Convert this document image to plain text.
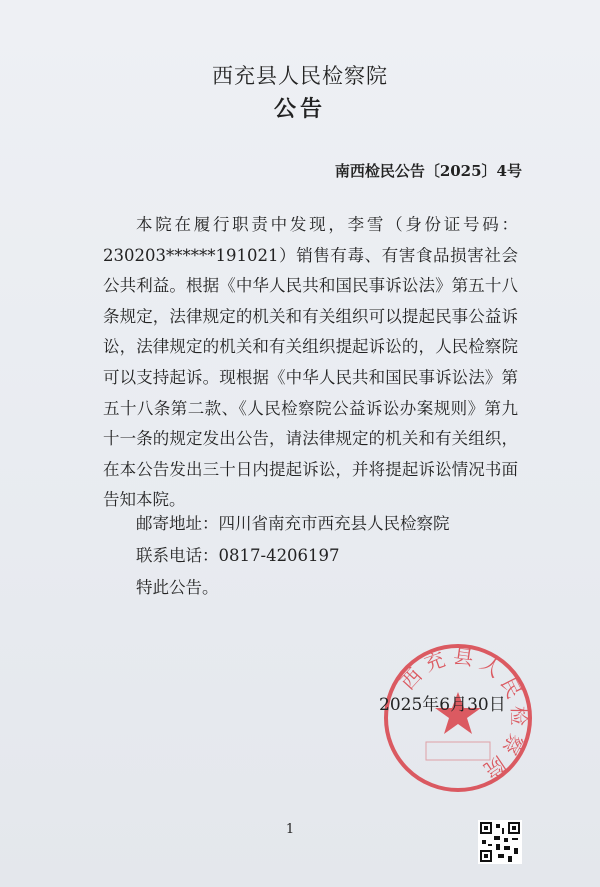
西充县人民检察院
公告
南西检民公告〔2025〕4号

本院在履行职责中发现，李雪（身份证号码：230203******191021）销售有毒、有害食品损害社会公共利益。根据《中华人民共和国民事诉讼法》第五十八条规定，法律规定的机关和有关组织可以提起民事公益诉讼，法律规定的机关和有关组织提起诉讼的，人民检察院可以支持起诉。现根据《中华人民共和国民事诉讼法》第五十八条第二款、《人民检察院公益诉讼办案规则》第九十一条的规定发出公告，请法律规定的机关和有关组织，在本公告发出三十日内提起诉讼，并将提起诉讼情况书面告知本院。

邮寄地址：四川省南充市西充县人民检察院

联系电话：0817-4206197

特此公告。

西充县人民检察院
2025年6月30日
1
